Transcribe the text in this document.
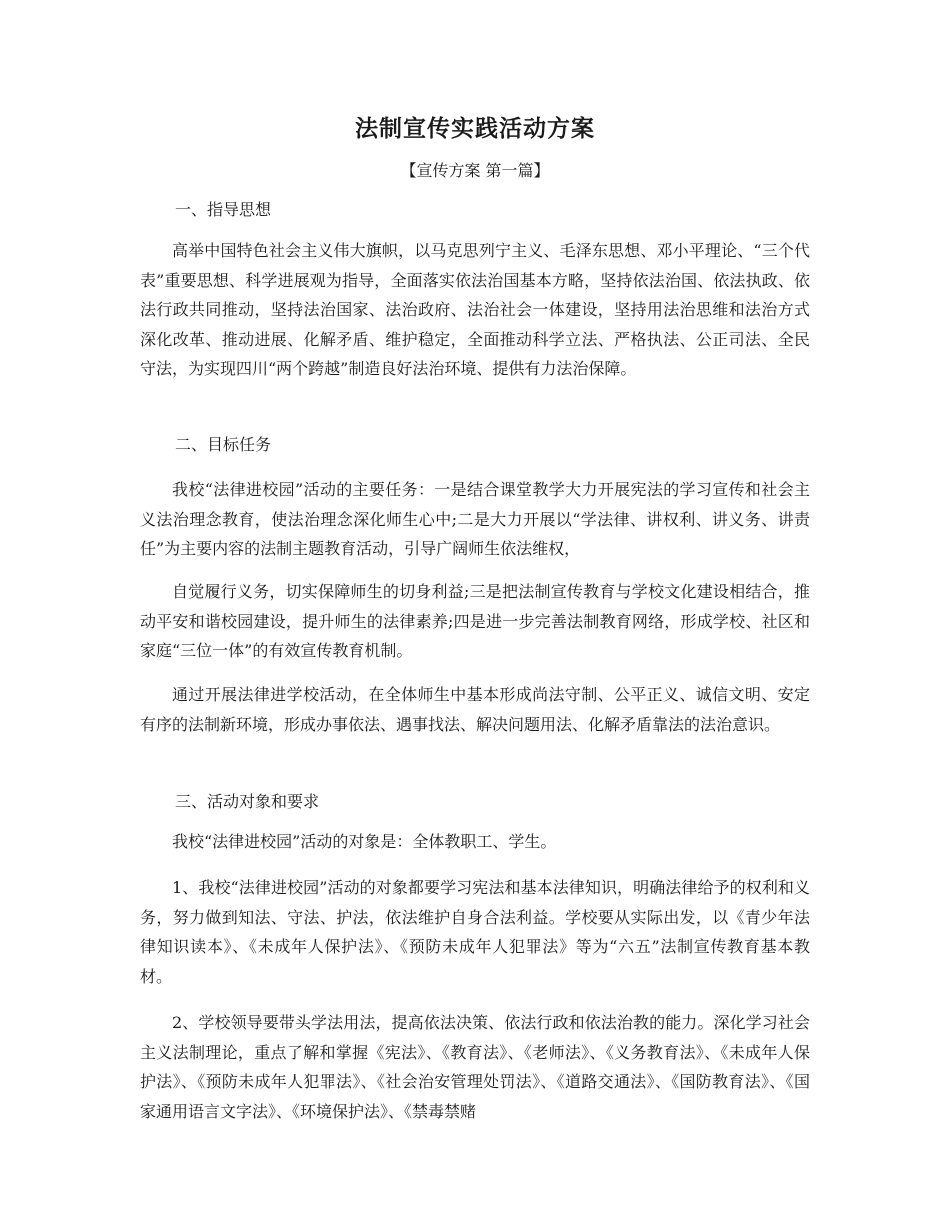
法制宣传实践活动方案
【宣传方案 第一篇】
一、指导思想
高举中国特色社会主义伟大旗帜，以马克思列宁主义、毛泽东思想、邓小平理论、“三个代表”重要思想、科学进展观为指导，全面落实依法治国基本方略，坚持依法治国、依法执政、依法行政共同推动，坚持法治国家、法治政府、法治社会一体建设，坚持用法治思维和法治方式深化改革、推动进展、化解矛盾、维护稳定，全面推动科学立法、严格执法、公正司法、全民守法，为实现四川“两个跨越”制造良好法治环境、提供有力法治保障。
二、目标任务
我校“法律进校园”活动的主要任务：一是结合课堂教学大力开展宪法的学习宣传和社会主义法治理念教育，使法治理念深化师生心中;二是大力开展以“学法律、讲权利、讲义务、讲责任”为主要内容的法制主题教育活动，引导广阔师生依法维权，
自觉履行义务，切实保障师生的切身利益;三是把法制宣传教育与学校文化建设相结合，推动平安和谐校园建设，提升师生的法律素养;四是进一步完善法制教育网络，形成学校、社区和家庭“三位一体”的有效宣传教育机制。
通过开展法律进学校活动，在全体师生中基本形成尚法守制、公平正义、诚信文明、安定有序的法制新环境，形成办事依法、遇事找法、解决问题用法、化解矛盾靠法的法治意识。
三、活动对象和要求
我校“法律进校园”活动的对象是：全体教职工、学生。
1、我校“法律进校园”活动的对象都要学习宪法和基本法律知识，明确法律给予的权利和义务，努力做到知法、守法、护法，依法维护自身合法利益。学校要从实际出发，以《青少年法律知识读本》、《未成年人保护法》、《预防未成年人犯罪法》等为“六五”法制宣传教育基本教材。
2、学校领导要带头学法用法，提高依法决策、依法行政和依法治教的能力。深化学习社会主义法制理论，重点了解和掌握《宪法》、《教育法》、《老师法》、《义务教育法》、《未成年人保护法》、《预防未成年人犯罪法》、《社会治安管理处罚法》、《道路交通法》、《国防教育法》、《国家通用语言文字法》、《环境保护法》、《禁毒禁赌
